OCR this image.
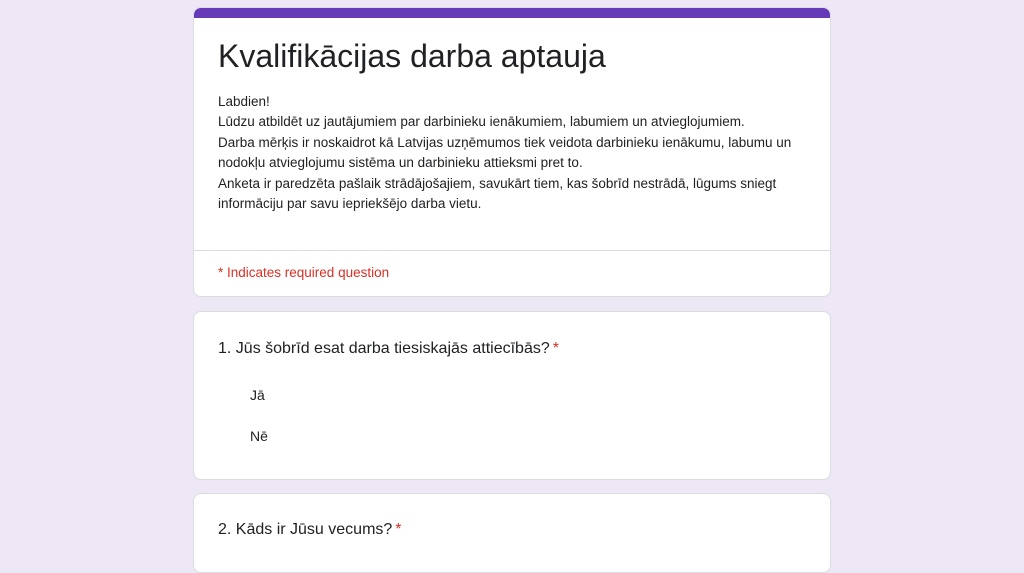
Kvalifikācijas darba aptauja
Labdien!
Lūdzu atbildēt uz jautājumiem par darbinieku ienākumiem, labumiem un atvieglojumiem.
Darba mērķis ir noskaidrot kā Latvijas uzņēmumos tiek veidota darbinieku ienākumu, labumu un
nodokļu atvieglojumu sistēma un darbinieku attieksmi pret to.
Anketa ir paredzēta pašlaik strādājošajiem, savukārt tiem, kas šobrīd nestrādā, lūgums sniegt informāciju par savu iepriekšējo darba vietu.
* Indicates required question
1. Jūs šobrīd esat darba tiesiskajās attiecībās? *
Jā
Nē
2. Kāds ir Jūsu vecums? *
